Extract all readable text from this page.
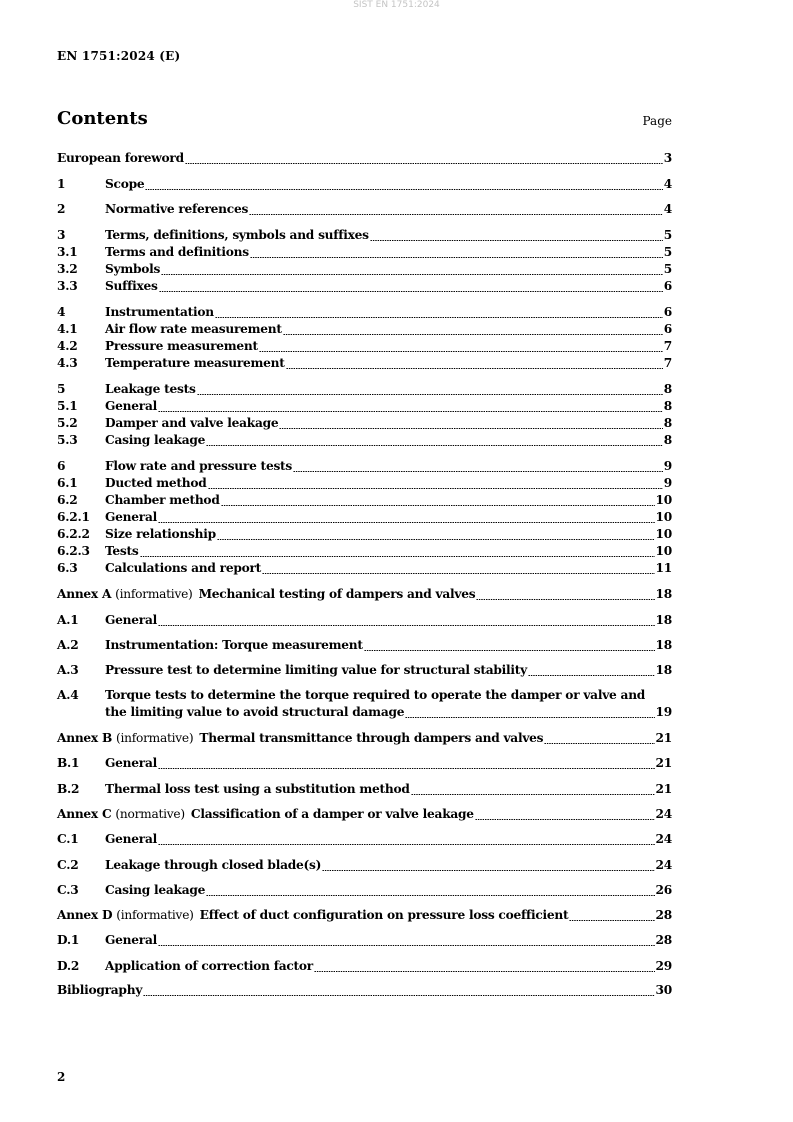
SIST EN 1751:2024
EN 1751:2024 (E)
Contents	Page
European foreword	3
1	Scope	4
2	Normative references	4
3	Terms, definitions, symbols and suffixes	5
3.1	Terms and definitions	5
3.2	Symbols	5
3.3	Suffixes	6
4	Instrumentation	6
4.1	Air flow rate measurement	6
4.2	Pressure measurement	7
4.3	Temperature measurement	7
5	Leakage tests	8
5.1	General	8
5.2	Damper and valve leakage	8
5.3	Casing leakage	8
6	Flow rate and pressure tests	9
6.1	Ducted method	9
6.2	Chamber method	10
6.2.1	General	10
6.2.2	Size relationship	10
6.2.3	Tests	10
6.3	Calculations and report	11
Annex A (informative) Mechanical testing of dampers and valves	18
A.1	General	18
A.2	Instrumentation: Torque measurement	18
A.3	Pressure test to determine limiting value for structural stability	18
A.4	Torque tests to determine the torque required to operate the damper or valve and
the limiting value to avoid structural damage	19
Annex B (informative) Thermal transmittance through dampers and valves	21
B.1	General	21
B.2	Thermal loss test using a substitution method	21
Annex C (normative) Classification of a damper or valve leakage	24
C.1	General	24
C.2	Leakage through closed blade(s)	24
C.3	Casing leakage	26
Annex D (informative) Effect of duct configuration on pressure loss coefficient	28
D.1	General	28
D.2	Application of correction factor	29
Bibliography	30
2
